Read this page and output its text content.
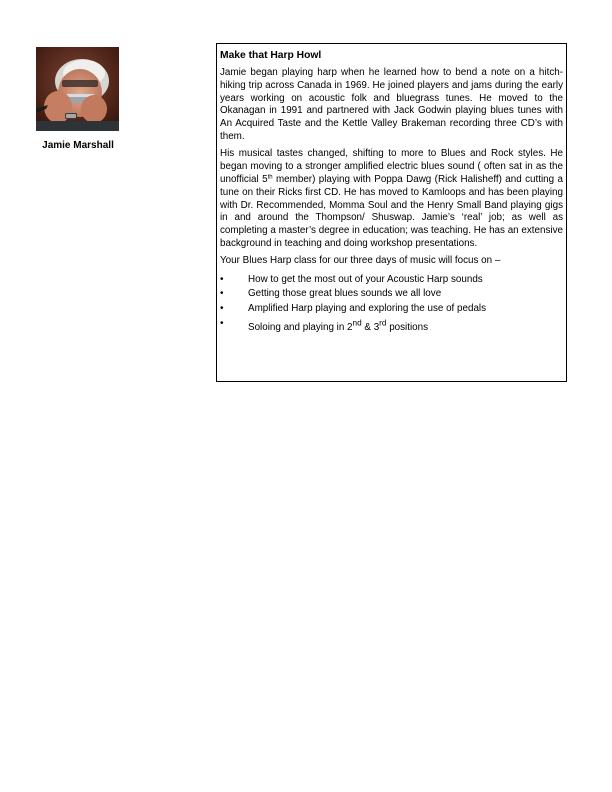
Jamie Marshall
Make that Harp Howl

Jamie began playing harp when he learned how to bend a note on a hitch-hiking trip across Canada in 1969. He joined players and jams during the early years working on acoustic folk and bluegrass tunes. He moved to the Okanagan in 1991 and partnered with Jack Godwin playing blues tunes with An Acquired Taste and the Kettle Valley Brakeman recording three CD’s with them.

His musical tastes changed, shifting to more to Blues and Rock styles. He began moving to a stronger amplified electric blues sound ( often sat in as the unofficial 5th member) playing with Poppa Dawg (Rick Halisheff) and cutting a tune on their Ricks first CD. He has moved to Kamloops and has been playing with Dr. Recommended, Momma Soul and the Henry Small Band playing gigs in and around the Thompson/ Shuswap. Jamie’s ‘real’ job; as well as completing a master’s degree in education; was teaching. He has an extensive background in teaching and doing workshop presentations.

Your Blues Harp class for our three days of music will focus on –

• How to get the most out of your Acoustic Harp sounds
• Getting those great blues sounds we all love
• Amplified Harp playing and exploring the use of pedals
• Soloing and playing in 2nd & 3rd positions
